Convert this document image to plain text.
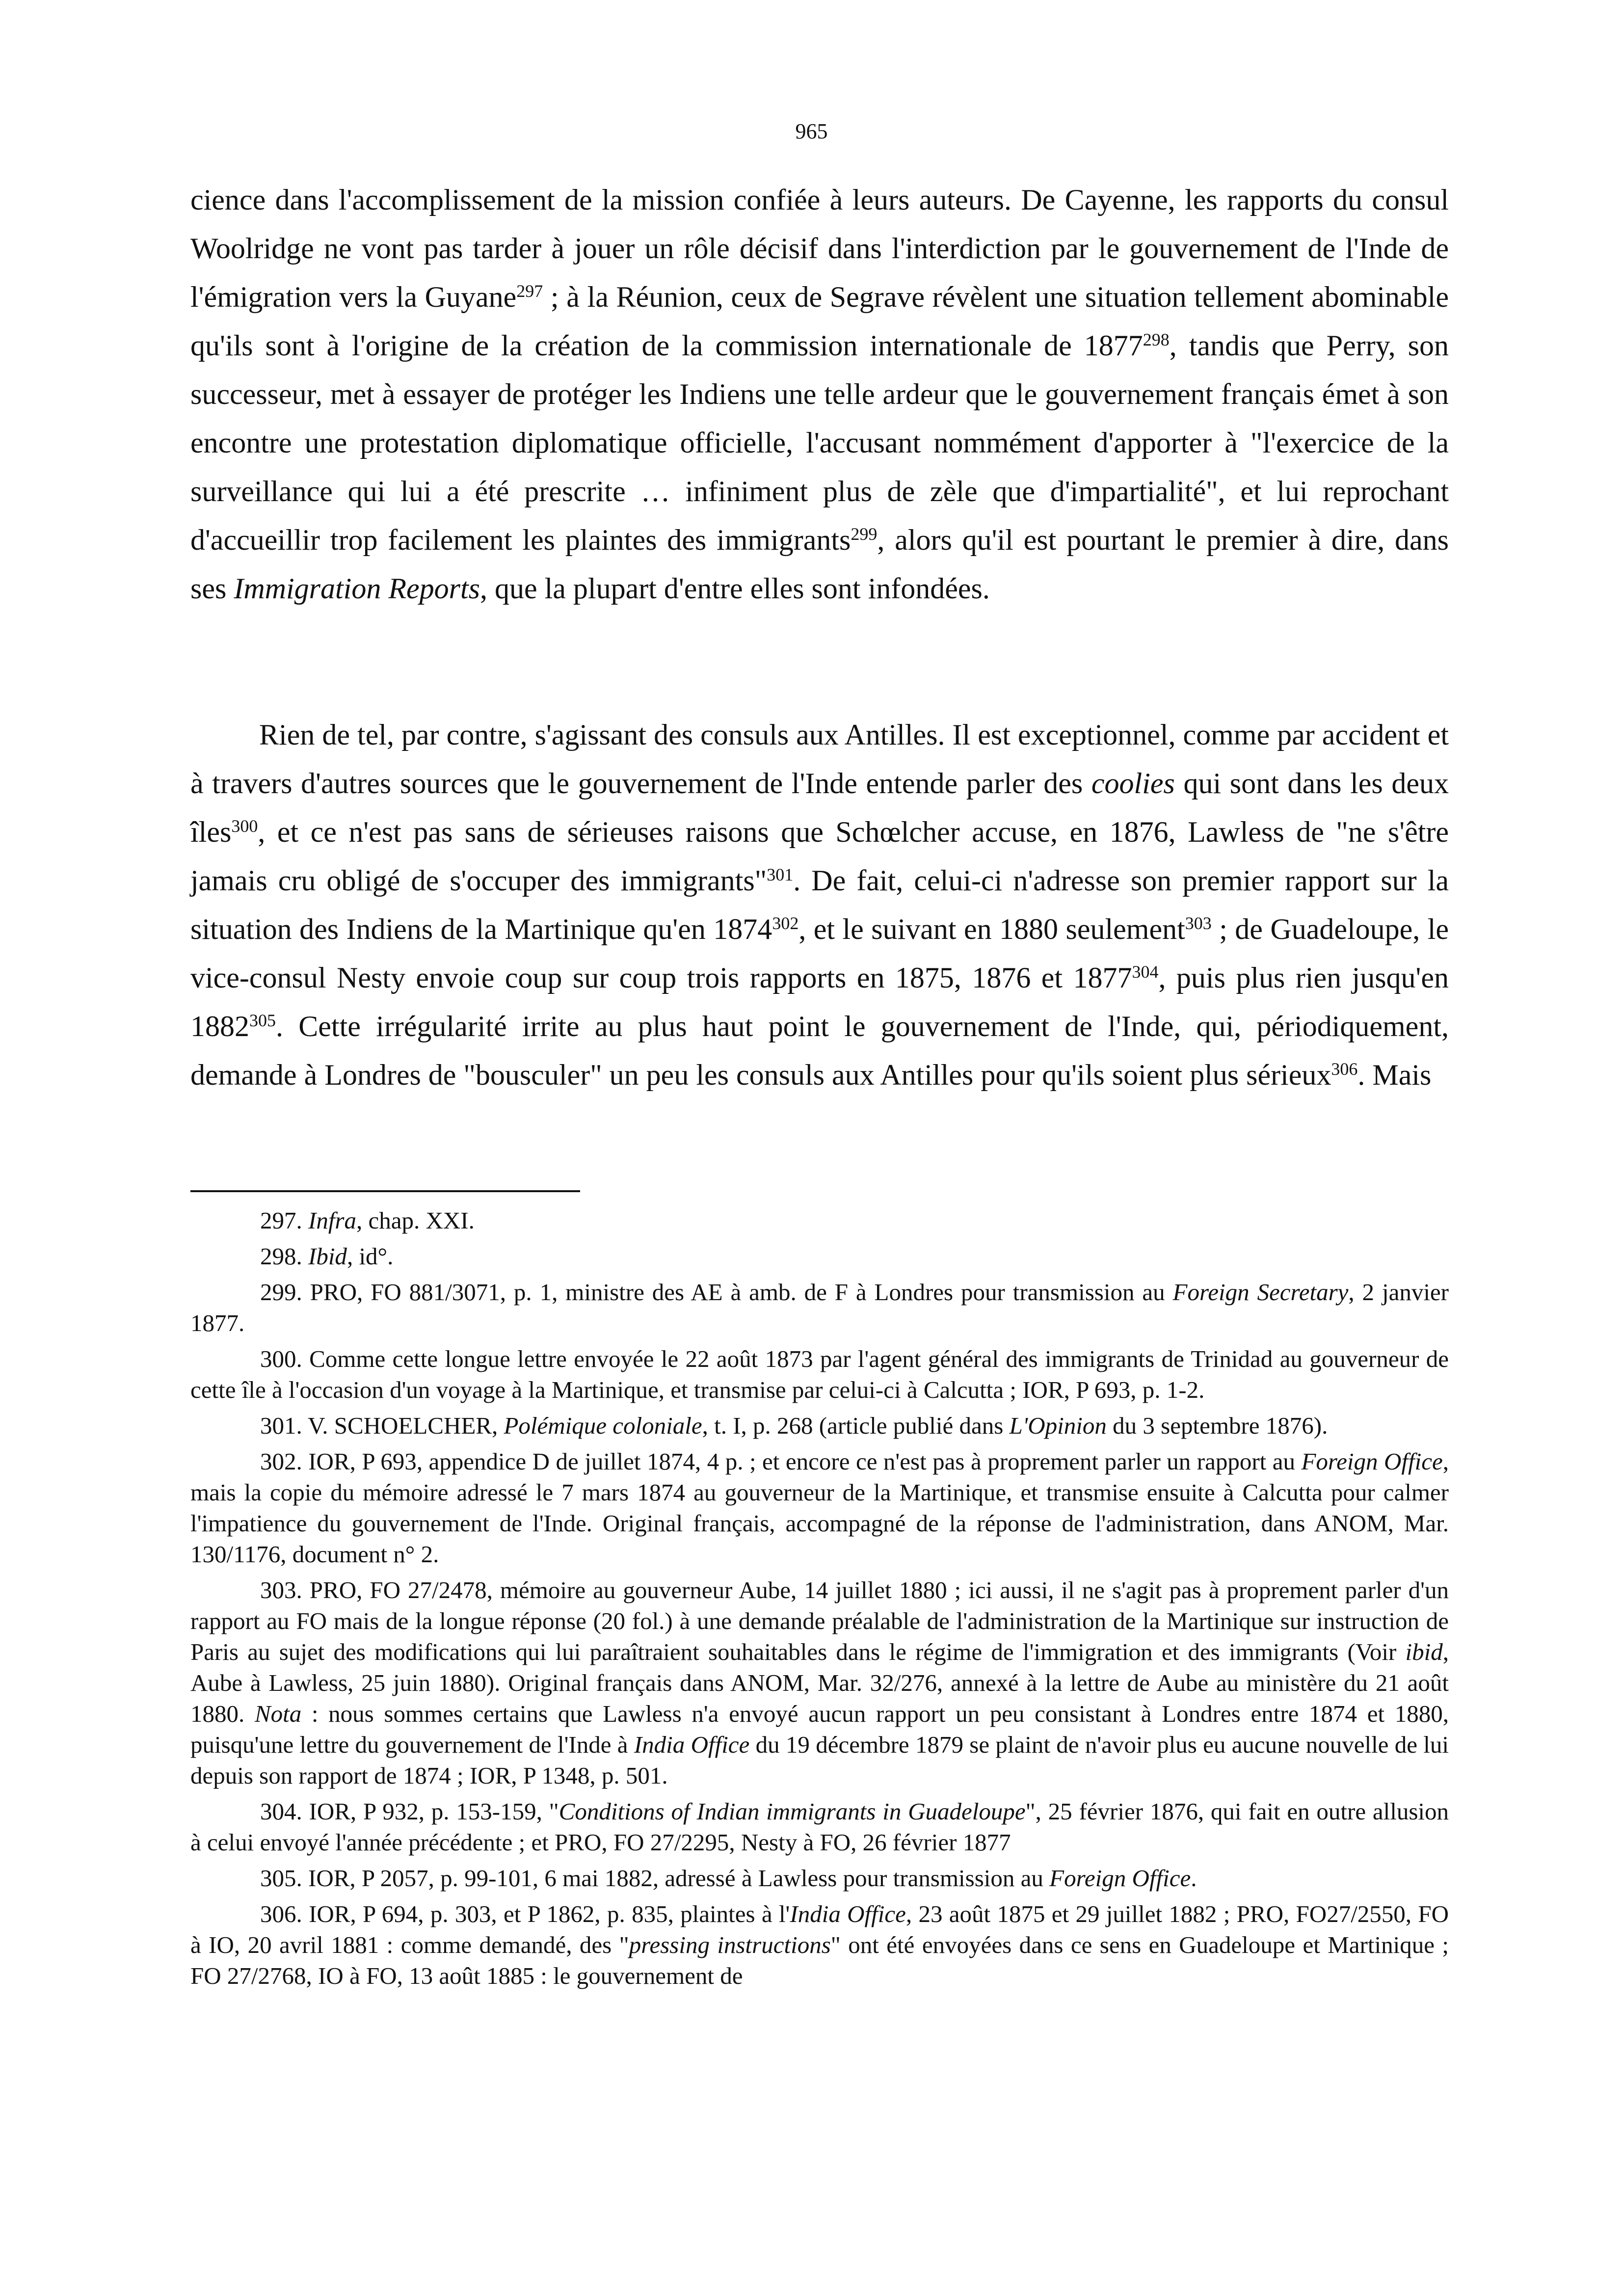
965

cience dans l'accomplissement de la mission confiée à leurs auteurs. De Cayenne, les rapports du consul Woolridge ne vont pas tarder à jouer un rôle décisif dans l'interdiction par le gouvernement de l'Inde de l'émigration vers la Guyane$^{297}$ ; à la Réunion, ceux de Segrave révèlent une situation tellement abominable qu'ils sont à l'origine de la création de la commission internationale de 1877$^{298}$, tandis que Perry, son successeur, met à essayer de protéger les Indiens une telle ardeur que le gouvernement français émet à son encontre une protestation diplomatique officielle, l'accusant nommément d'apporter à "l'exercice de la surveillance qui lui a été prescrite … infiniment plus de zèle que d'impartialité", et lui reprochant d'accueillir trop facilement les plaintes des immigrants$^{299}$, alors qu'il est pourtant le premier à dire, dans ses Immigration Reports, que la plupart d'entre elles sont infondées.

Rien de tel, par contre, s'agissant des consuls aux Antilles. Il est exceptionnel, comme par accident et à travers d'autres sources que le gouvernement de l'Inde entende parler des coolies qui sont dans les deux îles$^{300}$, et ce n'est pas sans de sérieuses raisons que Schœlcher accuse, en 1876, Lawless de "ne s'être jamais cru obligé de s'occuper des immigrants"$^{301}$. De fait, celui-ci n'adresse son premier rapport sur la situation des Indiens de la Martinique qu'en 1874$^{302}$, et le suivant en 1880 seulement$^{303}$ ; de Guadeloupe, le vice-consul Nesty envoie coup sur coup trois rapports en 1875, 1876 et 1877$^{304}$, puis plus rien jusqu'en 1882$^{305}$. Cette irrégularité irrite au plus haut point le gouvernement de l'Inde, qui, périodiquement, demande à Londres de "bousculer" un peu les consuls aux Antilles pour qu'ils soient plus sérieux$^{306}$. Mais

297. Infra, chap. XXI.

298. Ibid, id°.

299. PRO, FO 881/3071, p. 1, ministre des AE à amb. de F à Londres pour transmission au Foreign Secretary, 2 janvier 1877.

300. Comme cette longue lettre envoyée le 22 août 1873 par l'agent général des immigrants de Trinidad au gouverneur de cette île à l'occasion d'un voyage à la Martinique, et transmise par celui-ci à Calcutta ; IOR, P 693, p. 1-2.

301. V. SCHOELCHER, Polémique coloniale, t. I, p. 268 (article publié dans L'Opinion du 3 septembre 1876).

302. IOR, P 693, appendice D de juillet 1874, 4 p. ; et encore ce n'est pas à proprement parler un rapport au Foreign Office, mais la copie du mémoire adressé le 7 mars 1874 au gouverneur de la Martinique, et transmise ensuite à Calcutta pour calmer l'impatience du gouvernement de l'Inde. Original français, accompagné de la réponse de l'administration, dans ANOM, Mar. 130/1176, document n° 2.

303. PRO, FO 27/2478, mémoire au gouverneur Aube, 14 juillet 1880 ; ici aussi, il ne s'agit pas à proprement parler d'un rapport au FO mais de la longue réponse (20 fol.) à une demande préalable de l'administration de la Martinique sur instruction de Paris au sujet des modifications qui lui paraîtraient souhaitables dans le régime de l'immigration et des immigrants (Voir ibid, Aube à Lawless, 25 juin 1880). Original français dans ANOM, Mar. 32/276, annexé à la lettre de Aube au ministère du 21 août 1880. Nota : nous sommes certains que Lawless n'a envoyé aucun rapport un peu consistant à Londres entre 1874 et 1880, puisqu'une lettre du gouvernement de l'Inde à India Office du 19 décembre 1879 se plaint de n'avoir plus eu aucune nouvelle de lui depuis son rapport de 1874 ; IOR, P 1348, p. 501.

304. IOR, P 932, p. 153-159, "Conditions of Indian immigrants in Guadeloupe", 25 février 1876, qui fait en outre allusion à celui envoyé l'année précédente ; et PRO, FO 27/2295, Nesty à FO, 26 février 1877

305. IOR, P 2057, p. 99-101, 6 mai 1882, adressé à Lawless pour transmission au Foreign Office.

306. IOR, P 694, p. 303, et P 1862, p. 835, plaintes à l'India Office, 23 août 1875 et 29 juillet 1882 ; PRO, FO27/2550, FO à IO, 20 avril 1881 : comme demandé, des "pressing instructions" ont été envoyées dans ce sens en Guadeloupe et Martinique ; FO 27/2768, IO à FO, 13 août 1885 : le gouvernement de
